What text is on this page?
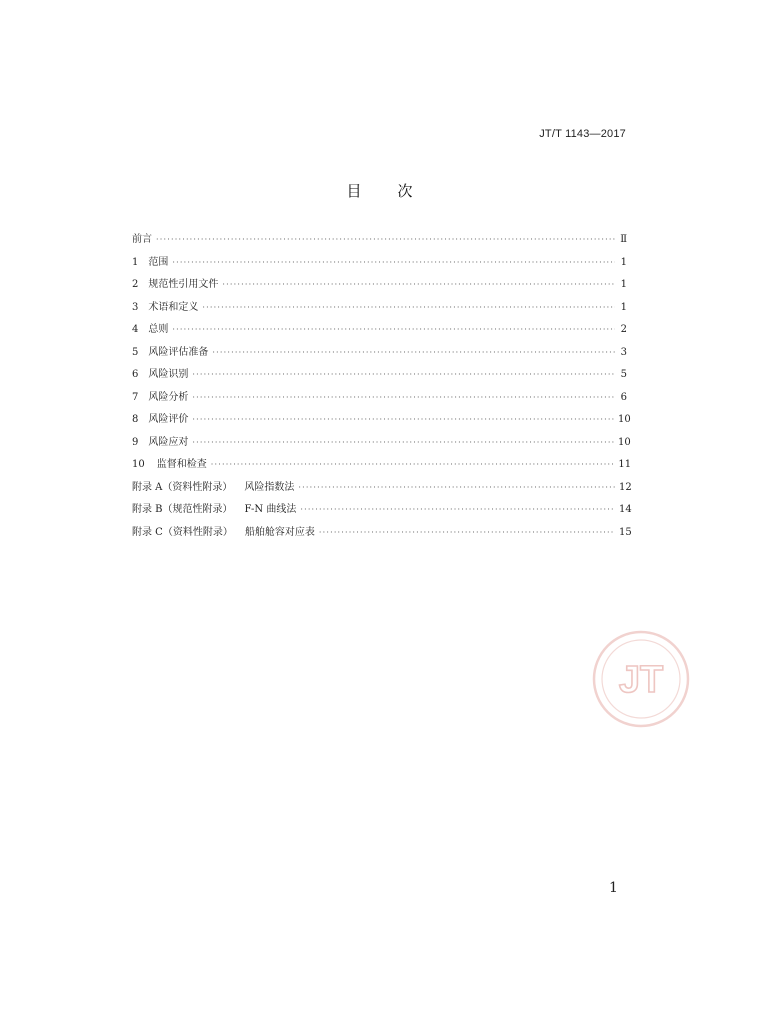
JT/T 1143—2017
目 次
前言 ·····	Ⅱ
1 范围 ·····	1
2 规范性引用文件 ·····	1
3 术语和定义 ·····	1
4 总则 ·····	2
5 风险评估准备 ·····	3
6 风险识别 ·····	5
7 风险分析 ·····	6
8 风险评价 ·····	10
9 风险应对 ·····	10
10 监督和检查 ·····	11
附录 A（资料性附录） 风险指数法 ·····	12
附录 B（规范性附录） F-N 曲线法 ·····	14
附录 C（资料性附录） 船舶舱容对应表 ·····	15
JT
1
